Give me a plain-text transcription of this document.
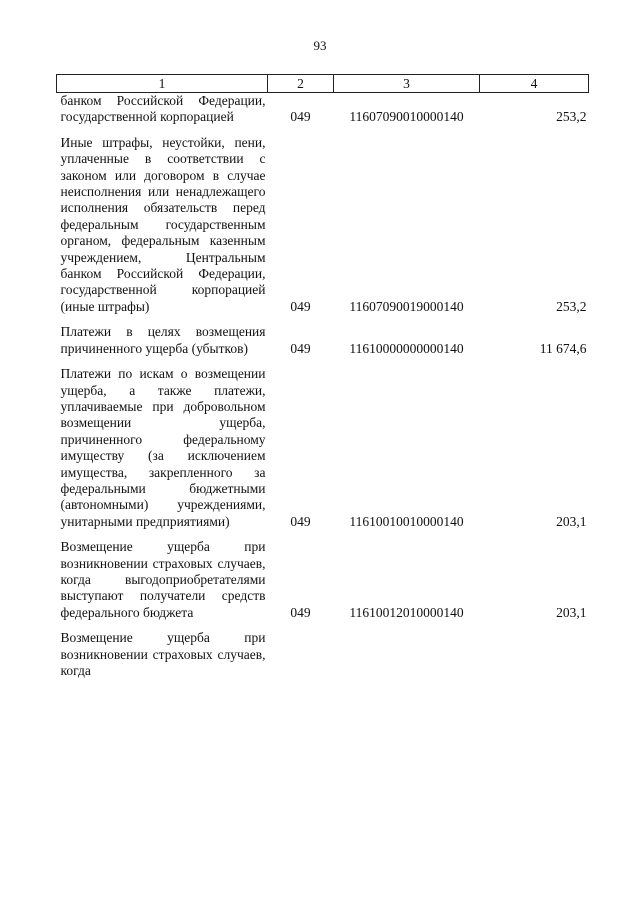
93
1	2	3	4
банком Российской Федерации, государственной корпорацией	049	11607090010000140	253,2
Иные штрафы, неустойки, пени, уплаченные в соответствии с законом или договором в случае неисполнения или ненадлежащего исполнения обязательств перед федеральным государственным органом, федеральным казенным учреждением, Центральным банком Российской Федерации, государственной корпорацией (иные штрафы)	049	11607090019000140	253,2
Платежи в целях возмещения причиненного ущерба (убытков)	049	11610000000000140	11 674,6
Платежи по искам о возмещении ущерба, а также платежи, уплачиваемые при добровольном возмещении ущерба, причиненного федеральному имуществу (за исключением имущества, закрепленного за федеральными бюджетными (автономными) учреждениями, унитарными предприятиями)	049	11610010010000140	203,1
Возмещение ущерба при возникновении страховых случаев, когда выгодоприобретателями выступают получатели средств федерального бюджета	049	11610012010000140	203,1
Возмещение ущерба при возникновении страховых случаев, когда			
